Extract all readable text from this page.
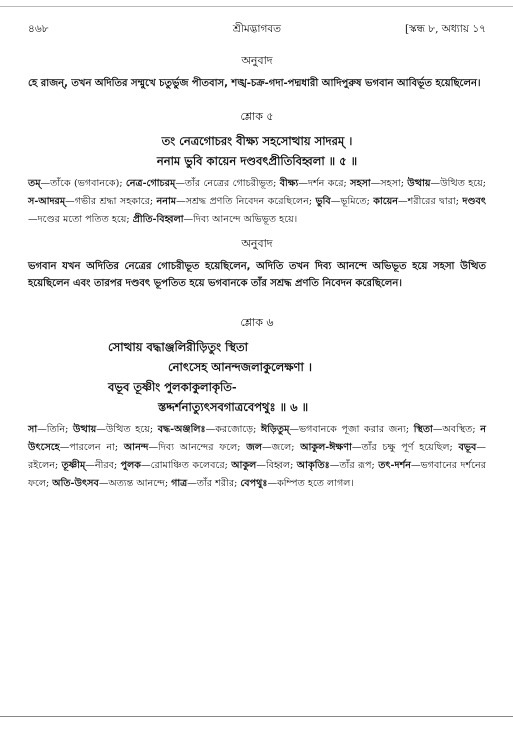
৪৬৮	শ্রীমদ্ভাগবত	[স্কন্ধ ৮, অধ্যায় ১৭
অনুবাদ

হে রাজন্‌, তখন অদিতির সম্মুখে চতুর্ভুজ পীতবাস, শঙ্খ-চক্র-গদা-পদ্মধারী আদিপুরুষ ভগবান আবির্ভূত হয়েছিলেন।

শ্লোক ৫

তং নেত্রগোচরং বীক্ষ্য সহসোত্থায় সাদরম্‌ ।

ননাম ভুবি কায়েন দণ্ডবৎপ্রীতিবিহ্বলা ॥ ৫ ॥

তম্‌—তাঁকে (ভগবানকে); নেত্র-গোচরম্‌—তাঁর নেত্রের গোচরীভূত; বীক্ষ্য—দর্শন করে; সহসা—সহসা; উত্থায়—উত্থিত হয়ে; স-আদরম্‌—গভীর শ্রদ্ধা সহকারে; ননাম—সশ্রদ্ধ প্রণতি নিবেদন করেছিলেন; ভুবি—ভূমিতে; কায়েন—শরীরের দ্বারা; দণ্ডবৎ—দণ্ডের মতো পতিত হয়ে; প্রীতি-বিহ্বলা—দিব্য আনন্দে অভিভূত হয়ে।

অনুবাদ

ভগবান যখন অদিতির নেত্রের গোচরীভূত হয়েছিলেন, অদিতি তখন দিব্য আনন্দে অভিভূত হয়ে সহসা উত্থিত হয়েছিলেন এবং তারপর দণ্ডবৎ ভূপতিত হয়ে ভগবানকে তাঁর সশ্রদ্ধ প্রণতি নিবেদন করেছিলেন।

শ্লোক ৬

সোত্থায় বদ্ধাঞ্জলিরীড়িতুং স্থিতা

নোৎসেহ আনন্দজলাকুলেক্ষণা ।

বভূব তূষ্ণীং পুলকাকুলাকৃতি-

স্তদ্দর্শনাত্যুৎসবগাত্রবেপথুঃ ॥ ৬ ॥

সা—তিনি; উত্থায়—উত্থিত হয়ে; বদ্ধ-অঞ্জলিঃ—করজোড়ে; ঈড়িতুম্‌—ভগবানকে পূজা করার জন্য; স্থিতা—অবস্থিত; ন উৎসেহে—পারলেন না; আনন্দ—দিব্য আনন্দের ফলে; জল—জলে; আকুল-ঈক্ষণা—তাঁর চক্ষু পূর্ণ হয়েছিল; বভূব—রইলেন; তূষ্ণীম্‌—নীরব; পুলক—রোমাঞ্চিত কলেবরে; আকুল—বিহ্বল; আকৃতিঃ—তাঁর রূপ; তৎ-দর্শন—ভগবানের দর্শনের ফলে; অতি-উৎসব—অত্যন্ত আনন্দে; গাত্র—তাঁর শরীর; বেপথুঃ—কম্পিত হতে লাগল।
